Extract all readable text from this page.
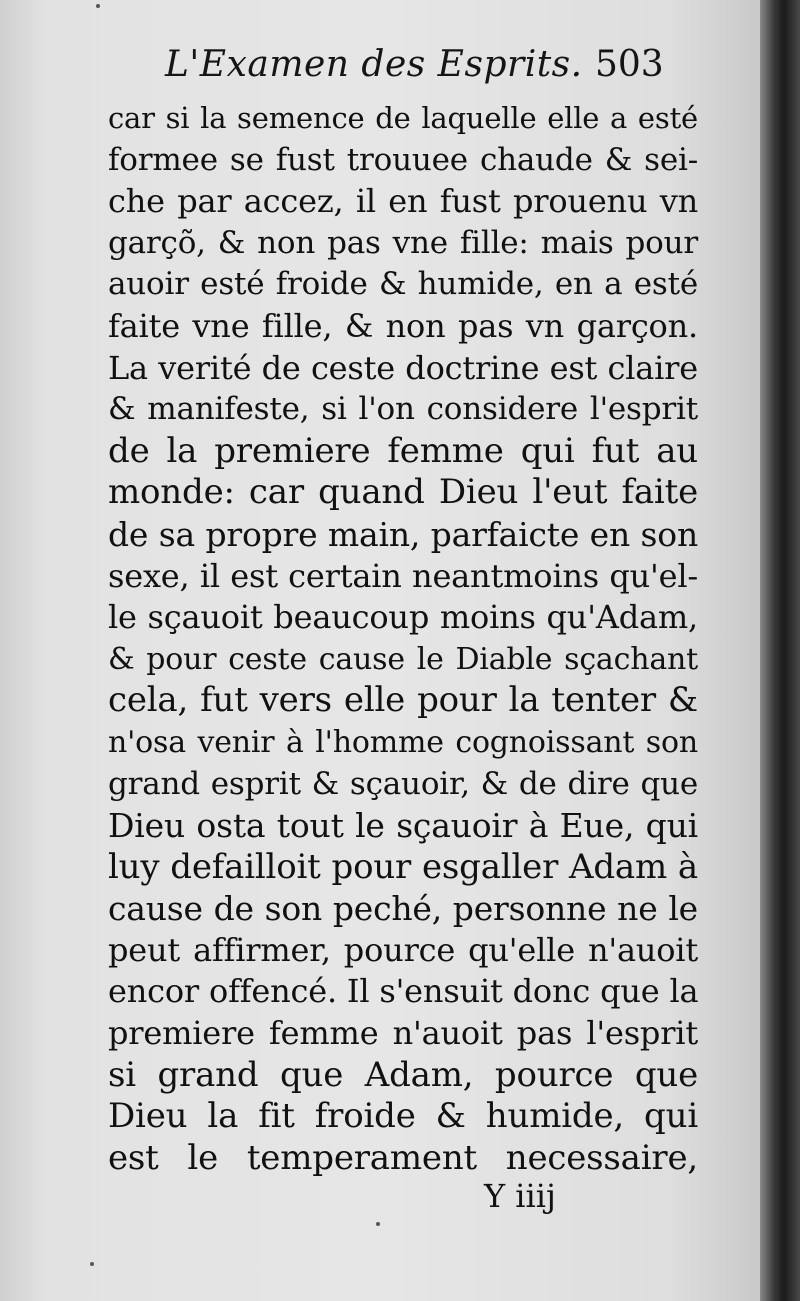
L'Examen des Esprits. 503
car si la semence de laquelle elle a esté
formee se fust trouuee chaude & sei-
che par accez, il en fust prouenu vn
garçõ, & non pas vne fille: mais pour
auoir esté froide & humide, en a esté
faite vne fille, & non pas vn garçon.
La verité de ceste doctrine est claire
& manifeste, si l'on considere l'esprit
de la premiere femme qui fut au
monde: car quand Dieu l'eut faite
de sa propre main, parfaicte en son
sexe, il est certain neantmoins qu'el-
le sçauoit beaucoup moins qu'Adam,
& pour ceste cause le Diable sçachant
cela, fut vers elle pour la tenter &
n'osa venir à l'homme cognoissant son
grand esprit & sçauoir, & de dire que
Dieu osta tout le sçauoir à Eue, qui
luy defailloit pour esgaller Adam à
cause de son peché, personne ne le
peut affirmer, pource qu'elle n'auoit
encor offencé. Il s'ensuit donc que la
premiere femme n'auoit pas l'esprit
si grand que Adam, pource que
Dieu la fit froide & humide, qui
est le temperament necessaire,
Y iiij
